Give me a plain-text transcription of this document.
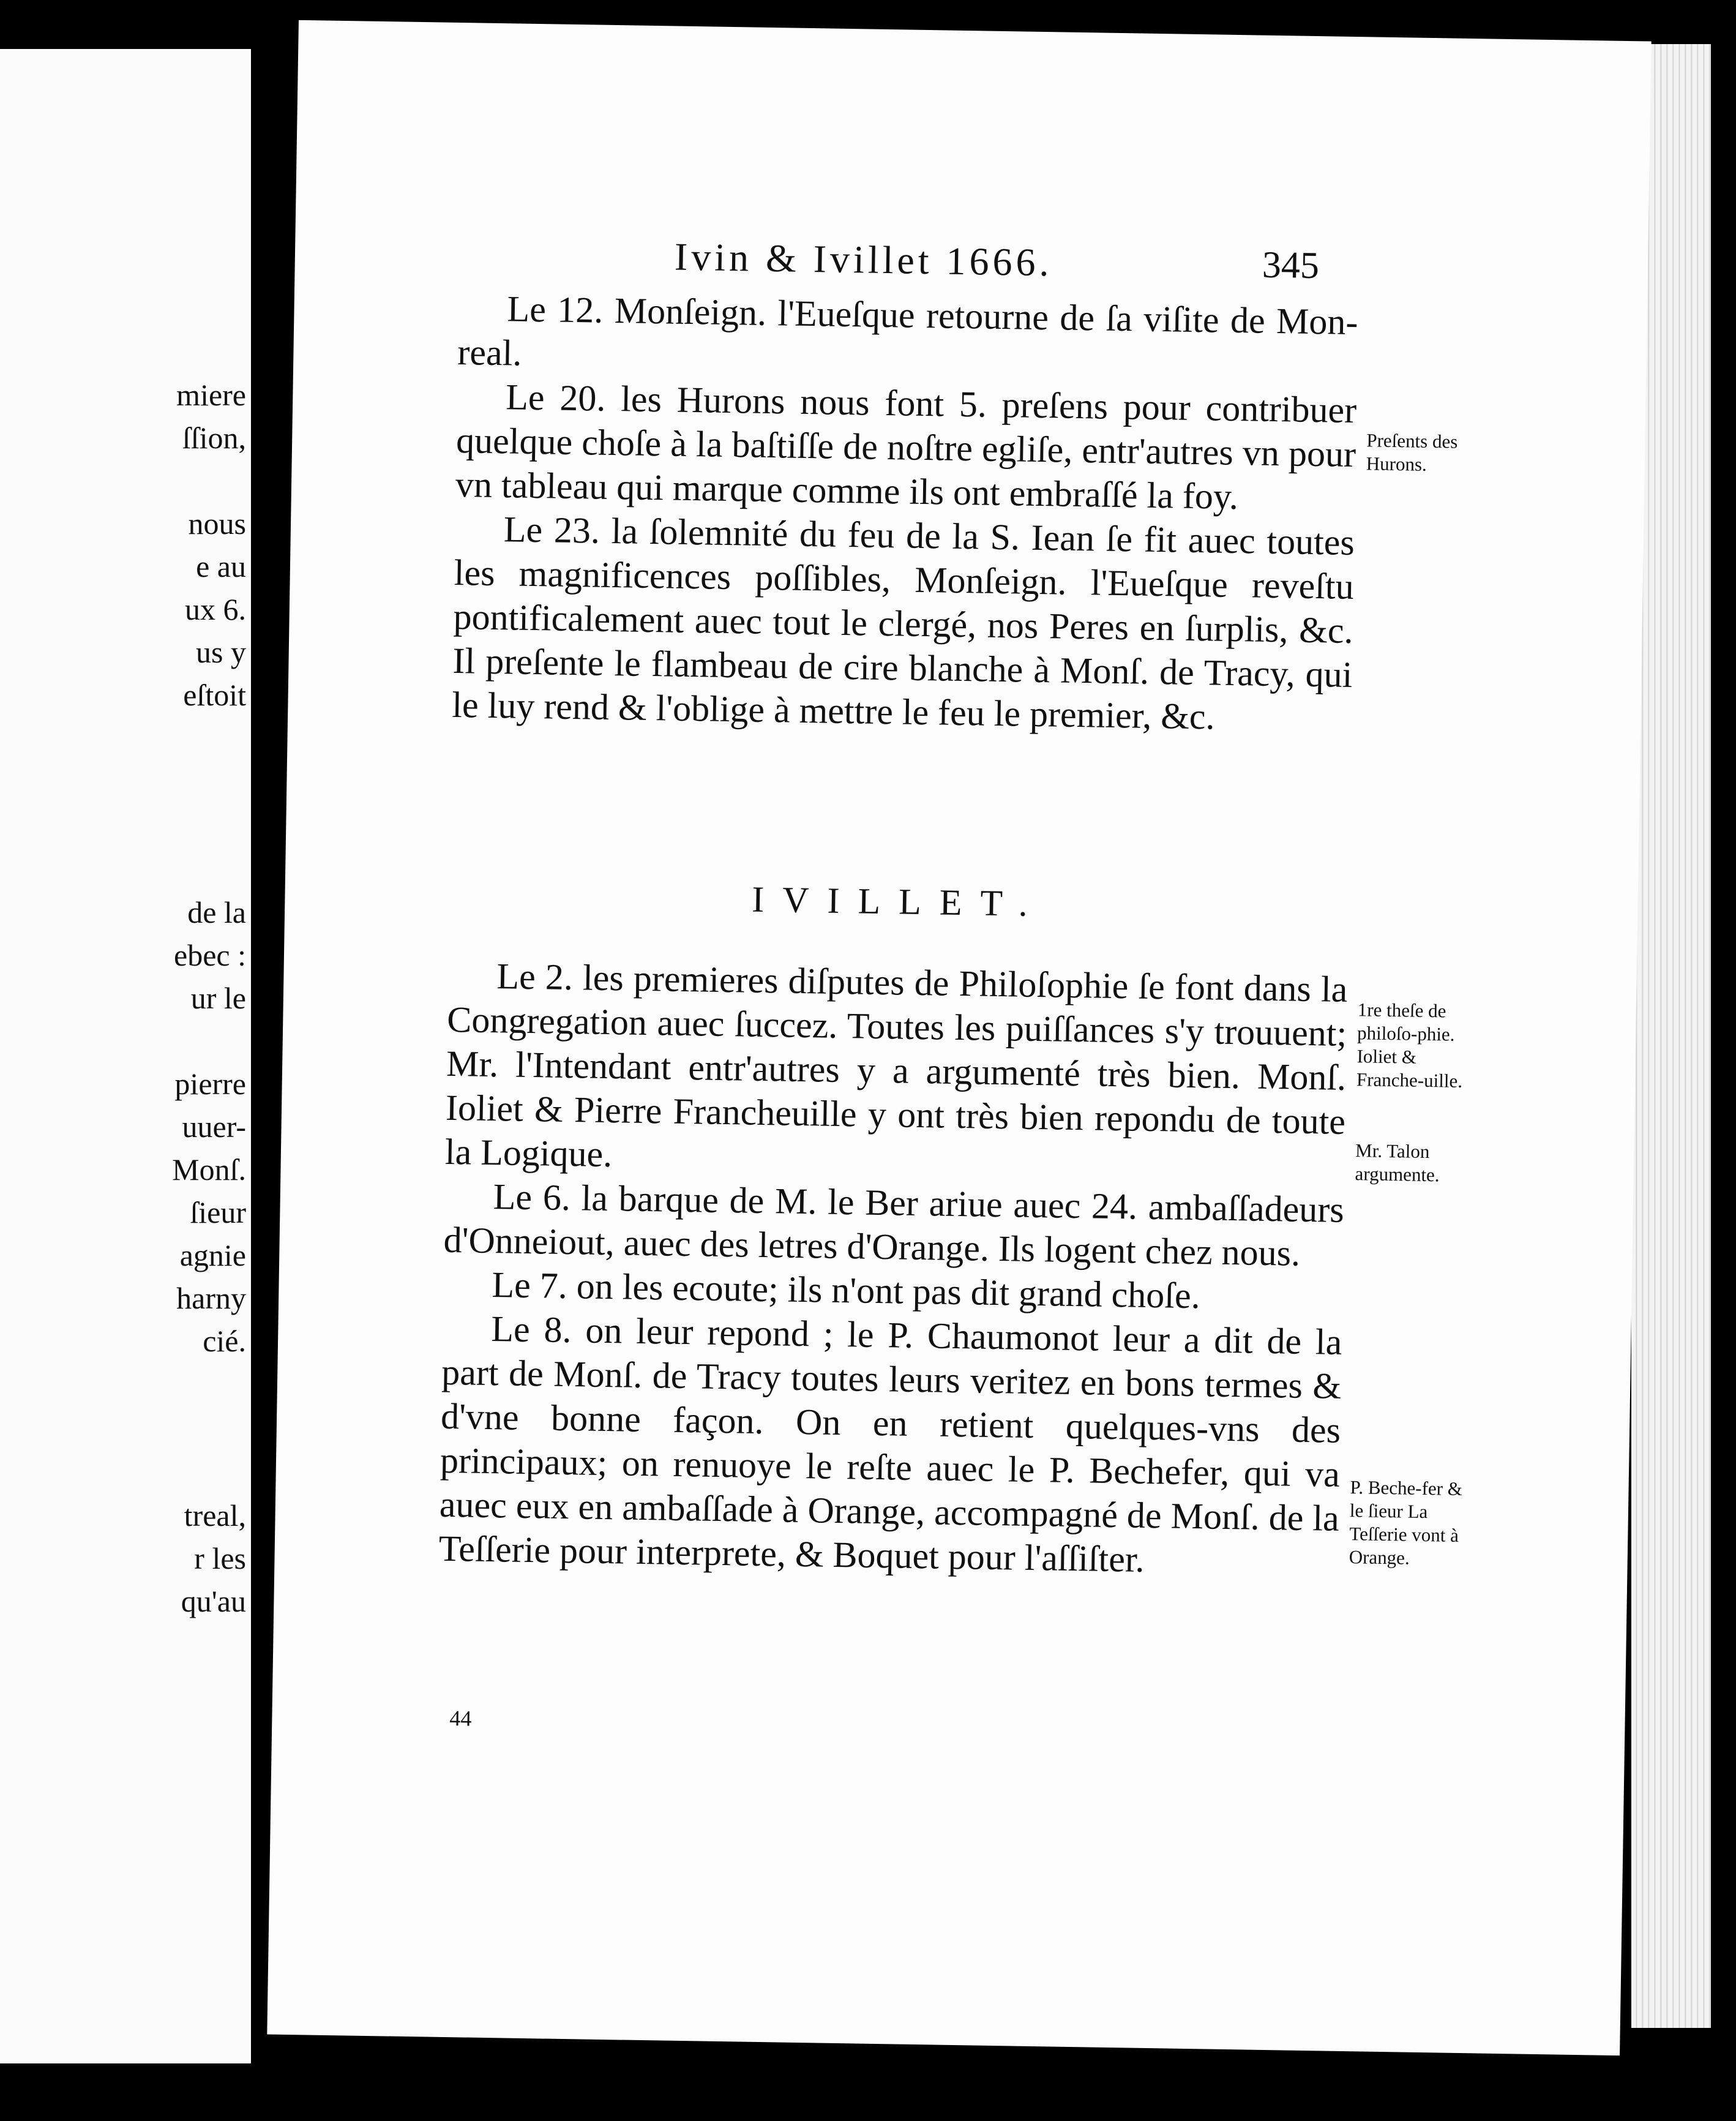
miere
ſſion,
nous
e au
ux 6.
us y
eſtoit
de la
ebec :
ur le
pierre
uuer-
Monſ.
ſieur
agnie
harny
cié.
treal,
r les
qu'au
Ivin & Ivillet 1666.	345

Le 12. Monſeign. l'Eueſque retourne de ſa viſite de Mon-real.

Le 20. les Hurons nous font 5. preſens pour contribuer quelque choſe à la baſtiſſe de noſtre egliſe, entr'autres vn pour vn tableau qui marque comme ils ont embraſſé la foy.

Le 23. la ſolemnité du feu de la S. Iean ſe fit auec toutes les magnificences poſſibles, Monſeign. l'Eueſque reveſtu pontificalement auec tout le clergé, nos Peres en ſurplis, &c. Il preſente le flambeau de cire blanche à Monſ. de Tracy, qui le luy rend & l'oblige à mettre le feu le premier, &c.

IVILLET.

Le 2. les premieres diſputes de Philoſophie ſe font dans la Congregation auec ſuccez. Toutes les puiſſances s'y trouuent; Mr. l'Intendant entr'autres y a argumenté très bien. Monſ. Ioliet & Pierre Francheuille y ont très bien repondu de toute la Logique.

Le 6. la barque de M. le Ber ariue auec 24. ambaſſadeurs d'Onneiout, auec des letres d'Orange. Ils logent chez nous.

Le 7. on les ecoute; ils n'ont pas dit grand choſe.

Le 8. on leur repond ; le P. Chaumonot leur a dit de la part de Monſ. de Tracy toutes leurs veritez en bons termes & d'vne bonne façon. On en retient quelques-vns des principaux; on renuoye le reſte auec le P. Bechefer, qui va auec eux en ambaſſade à Orange, accompagné de Monſ. de la Teſſerie pour interprete, & Boquet pour l'aſſiſter.

Preſents des Hurons.
1re theſe de philoſo-phie. Ioliet & Franche-uille.
Mr. Talon argumente.
P. Beche-fer & le ſieur La Teſſerie vont à Orange.
44
